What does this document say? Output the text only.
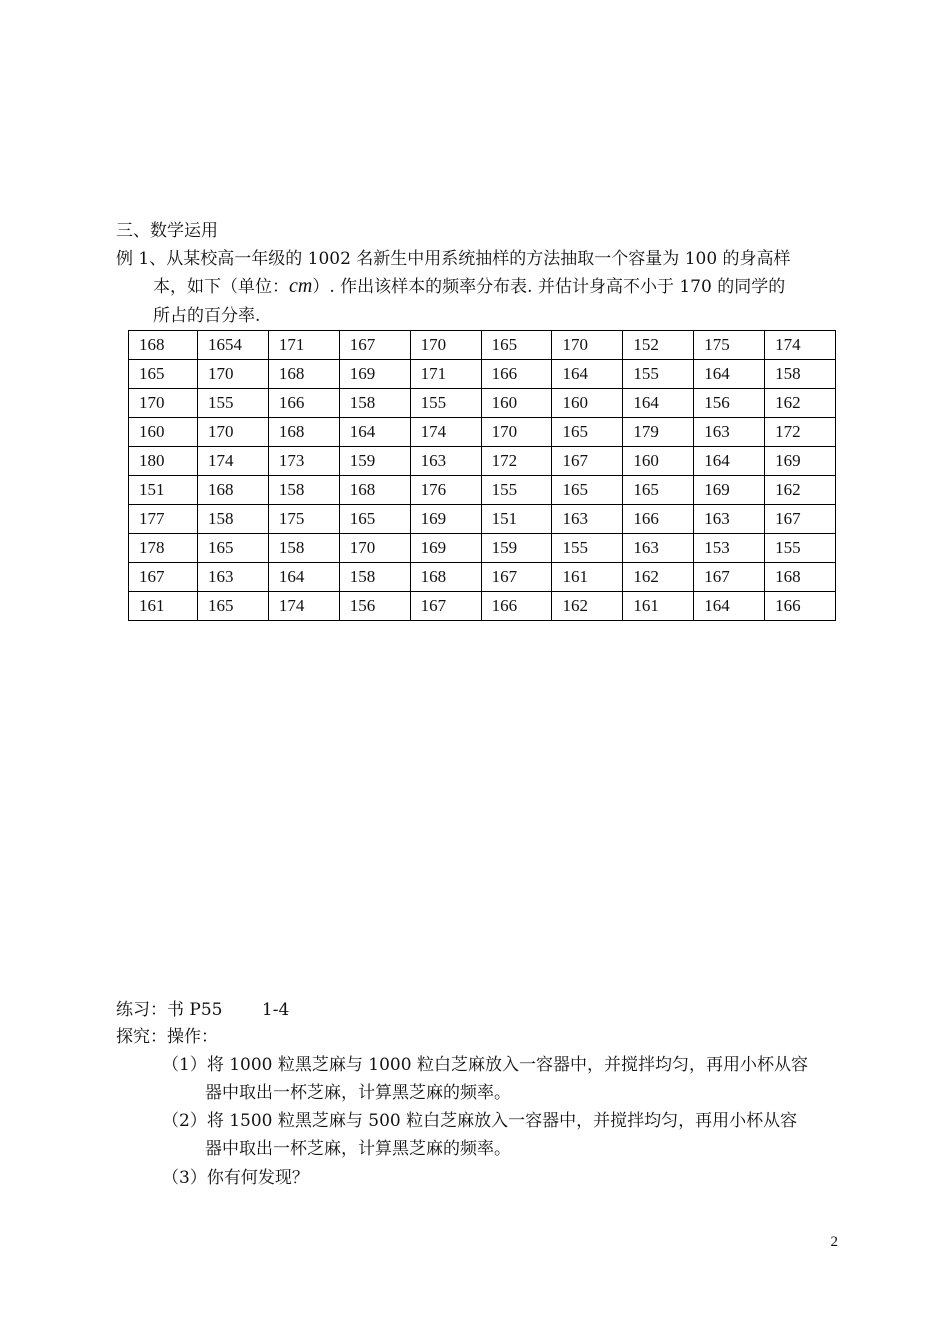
三、数学运用
例 1、从某校高一年级的 1002 名新生中用系统抽样的方法抽取一个容量为 100 的身高样
本，如下（单位：cm）. 作出该样本的频率分布表. 并估计身高不小于 170 的同学的
所占的百分率.
168	1654	171	167	170	165	170	152	175	174
165	170	168	169	171	166	164	155	164	158
170	155	166	158	155	160	160	164	156	162
160	170	168	164	174	170	165	179	163	172
180	174	173	159	163	172	167	160	164	169
151	168	158	168	176	155	165	165	169	162
177	158	175	165	169	151	163	166	163	167
178	165	158	170	169	159	155	163	153	155
167	163	164	158	168	167	161	162	167	168
161	165	174	156	167	166	162	161	164	166
练习：书 P55　　 1-4
探究：操作：
（1）将 1000 粒黑芝麻与 1000 粒白芝麻放入一容器中，并搅拌均匀，再用小杯从容
器中取出一杯芝麻，计算黑芝麻的频率。
（2）将 1500 粒黑芝麻与 500 粒白芝麻放入一容器中，并搅拌均匀，再用小杯从容
器中取出一杯芝麻，计算黑芝麻的频率。
（3）你有何发现？
2
